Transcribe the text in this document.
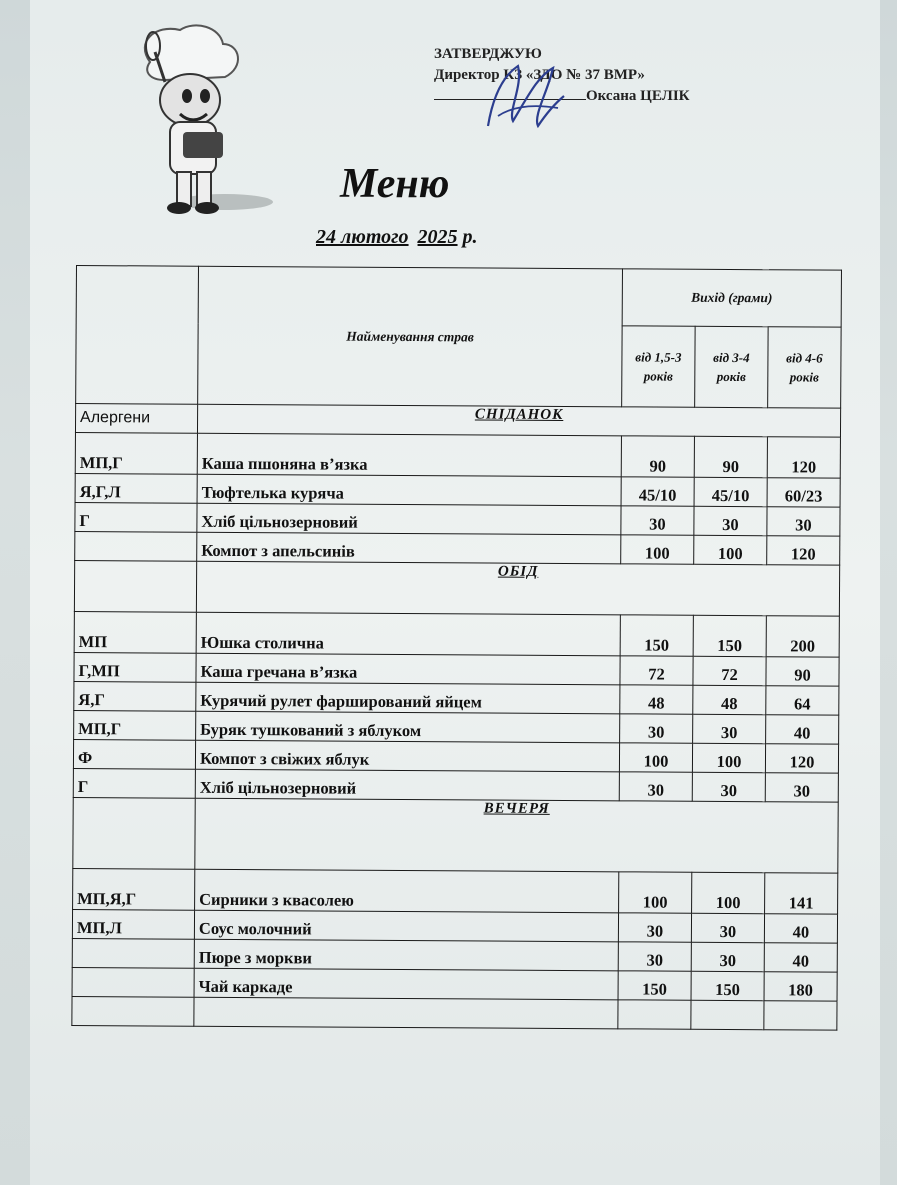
ЗАТВЕРДЖУЮ
Директор КЗ «ЗДО № 37 ВМР»
Оксана ЦЕЛІК
Меню
24 лютого 2025 р.
	Найменування страв	Вихід (грами)		
		від 1,5-3 років	від 3-4 років	від 4-6 років
Алергени	СНІДАНОК			
МП,Г	Каша пшоняна в’язка	90	90	120
Я,Г,Л	Тюфтелька куряча	45/10	45/10	60/23
Г	Хліб цільнозерновий	30	30	30
	Компот з апельсинів	100	100	120
	ОБІД			
МП	Юшка столична	150	150	200
Г,МП	Каша гречана в’язка	72	72	90
Я,Г	Курячий рулет фарширований яйцем	48	48	64
МП,Г	Буряк тушкований з яблуком	30	30	40
Ф	Компот з свіжих яблук	100	100	120
Г	Хліб цільнозерновий	30	30	30
	ВЕЧЕРЯ			
МП,Я,Г	Сирники з квасолею	100	100	141
МП,Л	Соус молочний	30	30	40
	Пюре з моркви	30	30	40
	Чай каркаде	150	150	180
